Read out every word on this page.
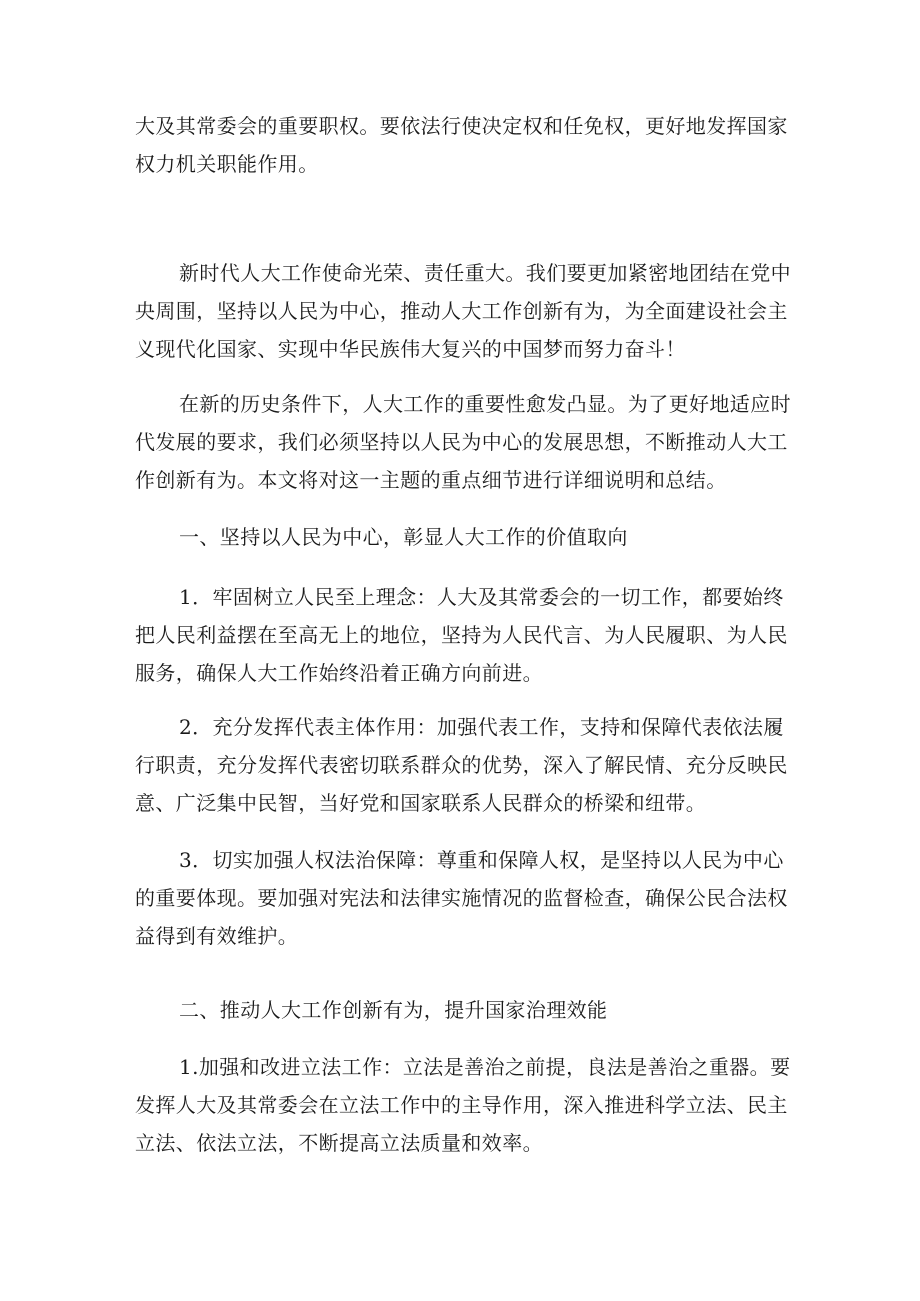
大及其常委会的重要职权。要依法行使决定权和任免权，更好地发挥国家
权力机关职能作用。

新时代人大工作使命光荣、责任重大。我们要更加紧密地团结在党中
央周围，坚持以人民为中心，推动人大工作创新有为，为全面建设社会主
义现代化国家、实现中华民族伟大复兴的中国梦而努力奋斗！

在新的历史条件下，人大工作的重要性愈发凸显。为了更好地适应时
代发展的要求，我们必须坚持以人民为中心的发展思想，不断推动人大工
作创新有为。本文将对这一主题的重点细节进行详细说明和总结。

一、坚持以人民为中心，彰显人大工作的价值取向

1．牢固树立人民至上理念：人大及其常委会的一切工作，都要始终
把人民利益摆在至高无上的地位，坚持为人民代言、为人民履职、为人民
服务，确保人大工作始终沿着正确方向前进。

2．充分发挥代表主体作用：加强代表工作，支持和保障代表依法履
行职责，充分发挥代表密切联系群众的优势，深入了解民情、充分反映民
意、广泛集中民智，当好党和国家联系人民群众的桥梁和纽带。

3．切实加强人权法治保障：尊重和保障人权，是坚持以人民为中心
的重要体现。要加强对宪法和法律实施情况的监督检查，确保公民合法权
益得到有效维护。

二、推动人大工作创新有为，提升国家治理效能

1.加强和改进立法工作：立法是善治之前提，良法是善治之重器。要
发挥人大及其常委会在立法工作中的主导作用，深入推进科学立法、民主
立法、依法立法，不断提高立法质量和效率。
